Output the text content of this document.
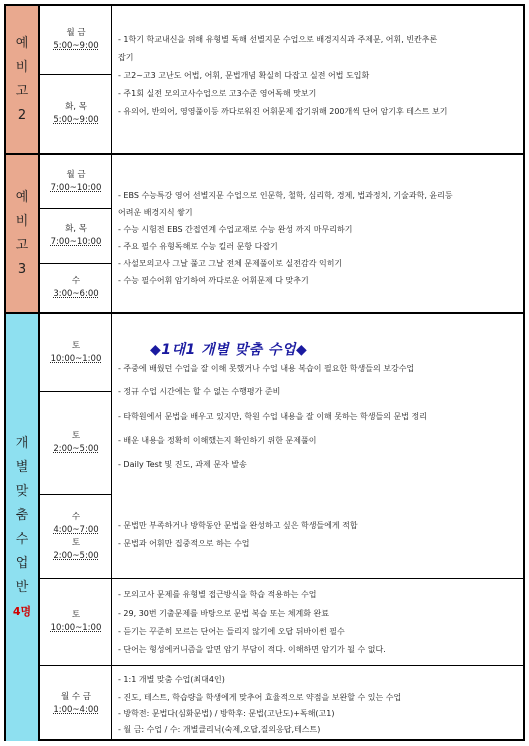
예
비
고
2
월 금
5:00~9:00
화, 목
5:00~9:00
- 1학기 학교내신을 위해 유형별 독해 선별지문 수업으로 배경지식과 주제문, 어휘, 빈칸추론
잡기
- 고2~고3 고난도 어법, 어휘, 문법개념 확실히 다잡고 실전 어법 도입화
- 주1회 실전 모의고사수업으로 고3수준 영어독해 맛보기
- 유의어, 반의어, 영영풀이등 까다로워진 어휘문제 잡기위해 200개씩 단어 암기후 테스트 보기
예
비
고
3
월 금
7:00~10:00
화, 목
7:00~10:00
수
3:00~6:00
- EBS 수능특강 영어 선별지문 수업으로 인문학, 철학, 심리학, 경제, 법과정치, 기술과학, 윤리등
어려운 배경지식 쌓기
- 수능 시험전 EBS 간접연계 수업교재로 수능 완성 까지 마무리하기
- 주요 필수 유형독해로 수능 킬러 문항 다잡기
- 사설모의고사 그날 풀고 그날 전체 문제풀이로 실전감각 익히기
- 수능 필수어휘 암기하여 까다로운 어휘문제 다 맞추기
개
별
맞
춤
수
업
반
4명
토
10:00~1:00
토
2:00~5:00
수
4:00~7:00
토
2:00~5:00
토
10:00~1:00
월 수 금
1:00~4:00
◆1대1 개별 맞춤 수업◆
- 주중에 배웠던 수업을 잘 이해 못했거나 수업 내용 복습이 필요한 학생들의 보강수업
- 정규 수업 시간에는 할 수 없는 수행평가 준비
- 타학원에서 문법을 배우고 있지만, 학원 수업 내용을 잘 이해 못하는 학생들의 문법 정리
- 배운 내용을 정확히 이해했는지 확인하기 위한 문제풀이
- Daily Test 및 진도, 과제 문자 발송
- 문법만 부족하거나 방학동안 문법을 완성하고 싶은 학생들에게 적합
- 문법과 어휘만 집중적으로 하는 수업
- 모의고사 문제를 유형별 접근방식을 학습 적용하는 수업
- 29, 30번 기출문제를 바탕으로 문법 복습 또는 체계화 완료
- 듣기는 꾸준히 모르는 단어는 들리지 않기에 오답 뒤바이썬 필수
- 단어는 형성에커니즘을 알면 암기 부담이 적다. 이해하면 암기가 될 수 없다.
- 1:1 개별 맞춤 수업(최대4인)
- 진도, 테스트, 학습량을 학생에게 맞추어 효율적으로 약점을 보완할 수 있는 수업
- 방학전: 문법다(심화문법) / 방학후: 문법(고난도)+독해(고1)
- 월 금: 수업 / 수: 개별클리닉(숙제,오답,질의응답,테스트)
